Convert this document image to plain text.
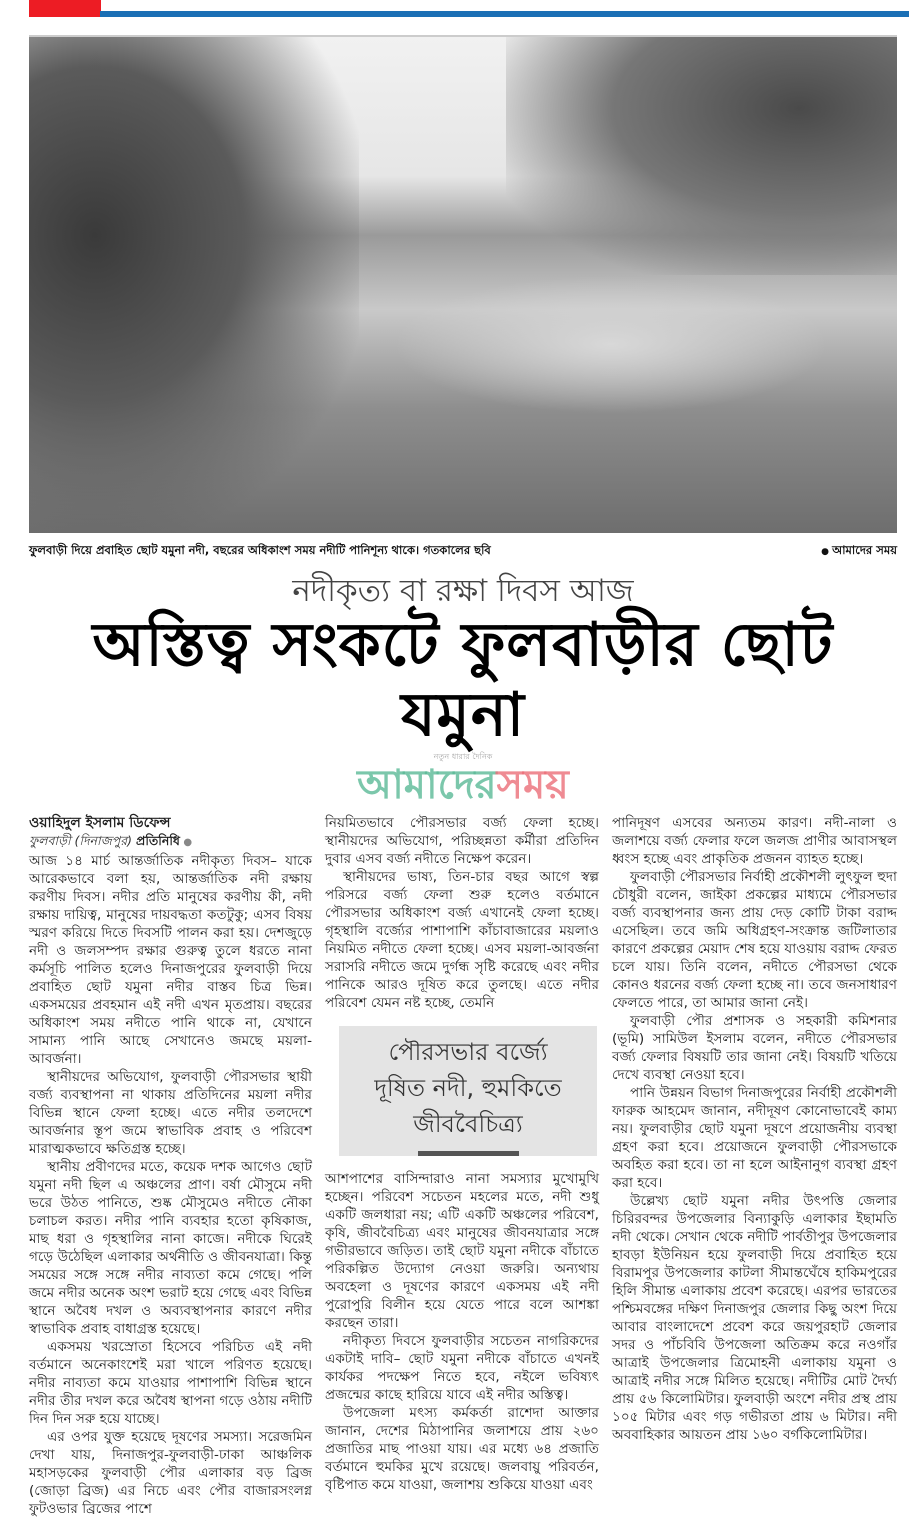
ফুলবাড়ী দিয়ে প্রবাহিত ছোট যমুনা নদী, বছরের অধিকাংশ সময় নদীটি পানিশূন্য থাকে। গতকালের ছবি	● আমাদের সময়
নদীকৃত্য বা রক্ষা দিবস আজ
অস্তিত্ব সংকটে ফুলবাড়ীর ছোট যমুনা
নতুন ধারার দৈনিক
আমাদেরসময়
ওয়াহিদুল ইসলাম ডিফেন্স
ফুলবাড়ী (দিনাজপুর) প্রতিনিধি ●

আজ ১৪ মার্চ আন্তর্জাতিক নদীকৃত্য দিবস– যাকে আরেকভাবে বলা হয়, আন্তর্জাতিক নদী রক্ষায় করণীয় দিবস। নদীর প্রতি মানুষের করণীয় কী, নদী রক্ষায় দায়িত্ব, মানুষের দায়বদ্ধতা কতটুকু; এসব বিষয় স্মরণ করিয়ে দিতে দিবসটি পালন করা হয়। দেশজুড়ে নদী ও জলসম্পদ রক্ষার গুরুত্ব তুলে ধরতে নানা কর্মসূচি পালিত হলেও দিনাজপুরের ফুলবাড়ী দিয়ে প্রবাহিত ছোট যমুনা নদীর বাস্তব চিত্র ভিন্ন। একসময়ের প্রবহমান এই নদী এখন মৃতপ্রায়। বছরের অধিকাংশ সময় নদীতে পানি থাকে না, যেখানে সামান্য পানি আছে সেখানেও জমছে ময়লা-আবর্জনা।

স্থানীয়দের অভিযোগ, ফুলবাড়ী পৌরসভার স্থায়ী বর্জ্য ব্যবস্থাপনা না থাকায় প্রতিদিনের ময়লা নদীর বিভিন্ন স্থানে ফেলা হচ্ছে। এতে নদীর তলদেশে আবর্জনার স্তূপ জমে স্বাভাবিক প্রবাহ ও পরিবেশ মারাত্মকভাবে ক্ষতিগ্রস্ত হচ্ছে।

স্থানীয় প্রবীণদের মতে, কয়েক দশক আগেও ছোট যমুনা নদী ছিল এ অঞ্চলের প্রাণ। বর্ষা মৌসুমে নদী ভরে উঠত পানিতে, শুষ্ক মৌসুমেও নদীতে নৌকা চলাচল করত। নদীর পানি ব্যবহার হতো কৃষিকাজ, মাছ ধরা ও গৃহস্থালির নানা কাজে। নদীকে ঘিরেই গড়ে উঠেছিল এলাকার অর্থনীতি ও জীবনযাত্রা। কিন্তু সময়ের সঙ্গে সঙ্গে নদীর নাব্যতা কমে গেছে। পলি জমে নদীর অনেক অংশ ভরাট হয়ে গেছে এবং বিভিন্ন স্থানে অবৈধ দখল ও অব্যবস্থাপনার কারণে নদীর স্বাভাবিক প্রবাহ বাধাগ্রস্ত হয়েছে।

একসময় খরস্রোতা হিসেবে পরিচিত এই নদী বর্তমানে অনেকাংশেই মরা খালে পরিণত হয়েছে। নদীর নাব্যতা কমে যাওয়ার পাশাপাশি বিভিন্ন স্থানে নদীর তীর দখল করে অবৈধ স্থাপনা গড়ে ওঠায় নদীটি দিন দিন সরু হয়ে যাচ্ছে।

এর ওপর যুক্ত হয়েছে দূষণের সমস্যা। সরেজমিন দেখা যায়, দিনাজপুর-ফুলবাড়ী-ঢাকা আঞ্চলিক মহাসড়কের ফুলবাড়ী পৌর এলাকার বড় ব্রিজ (জোড়া ব্রিজ) এর নিচে এবং পৌর বাজারসংলগ্ন ফুটওভার ব্রিজের পাশে

নিয়মিতভাবে পৌরসভার বর্জ্য ফেলা হচ্ছে। স্থানীয়দের অভিযোগ, পরিচ্ছন্নতা কর্মীরা প্রতিদিন দুবার এসব বর্জ্য নদীতে নিক্ষেপ করেন।

স্থানীয়দের ভাষ্য, তিন-চার বছর আগে স্বল্প পরিসরে বর্জ্য ফেলা শুরু হলেও বর্তমানে পৌরসভার অধিকাংশ বর্জ্য এখানেই ফেলা হচ্ছে। গৃহস্থালি বর্জ্যের পাশাপাশি কাঁচাবাজারের ময়লাও নিয়মিত নদীতে ফেলা হচ্ছে। এসব ময়লা-আবর্জনা সরাসরি নদীতে জমে দুর্গন্ধ সৃষ্টি করেছে এবং নদীর পানিকে আরও দূষিত করে তুলছে। এতে নদীর পরিবেশ যেমন নষ্ট হচ্ছে, তেমনি

পৌরসভার বর্জ্যে
দূষিত নদী, হুমকিতে
জীববৈচিত্র্য

আশপাশের বাসিন্দারাও নানা সমস্যার মুখোমুখি হচ্ছেন। পরিবেশ সচেতন মহলের মতে, নদী শুধু একটি জলধারা নয়; এটি একটি অঞ্চলের পরিবেশ, কৃষি, জীববৈচিত্র্য এবং মানুষের জীবনযাত্রার সঙ্গে গভীরভাবে জড়িত। তাই ছোট যমুনা নদীকে বাঁচাতে পরিকল্পিত উদ্যোগ নেওয়া জরুরি। অন্যথায় অবহেলা ও দূষণের কারণে একসময় এই নদী পুরোপুরি বিলীন হয়ে যেতে পারে বলে আশঙ্কা করছেন তারা।

নদীকৃত্য দিবসে ফুলবাড়ীর সচেতন নাগরিকদের একটাই দাবি– ছোট যমুনা নদীকে বাঁচাতে এখনই কার্যকর পদক্ষেপ নিতে হবে, নইলে ভবিষ্যৎ প্রজন্মের কাছে হারিয়ে যাবে এই নদীর অস্তিত্ব।

উপজেলা মৎস্য কর্মকর্তা রাশেদা আক্তার জানান, দেশের মিঠাপানির জলাশয়ে প্রায় ২৬০ প্রজাতির মাছ পাওয়া যায়। এর মধ্যে ৬৪ প্রজাতি বর্তমানে হুমকির মুখে রয়েছে। জলবায়ু পরিবর্তন, বৃষ্টিপাত কমে যাওয়া, জলাশয় শুকিয়ে যাওয়া এবং

পানিদূষণ এসবের অন্যতম কারণ। নদী-নালা ও জলাশয়ে বর্জ্য ফেলার ফলে জলজ প্রাণীর আবাসস্থল ধ্বংস হচ্ছে এবং প্রাকৃতিক প্রজনন ব্যাহত হচ্ছে।

ফুলবাড়ী পৌরসভার নির্বাহী প্রকৌশলী লুৎফুল হুদা চৌধুরী বলেন, জাইকা প্রকল্পের মাধ্যমে পৌরসভার বর্জ্য ব্যবস্থাপনার জন্য প্রায় দেড় কোটি টাকা বরাদ্দ এসেছিল। তবে জমি অধিগ্রহণ-সংক্রান্ত জটিলাতার কারণে প্রকল্পের মেয়াদ শেষ হয়ে যাওয়ায় বরাদ্দ ফেরত চলে যায়। তিনি বলেন, নদীতে পৌরসভা থেকে কোনও ধরনের বর্জ্য ফেলা হচ্ছে না। তবে জনসাধারণ ফেলতে পারে, তা আমার জানা নেই।

ফুলবাড়ী পৌর প্রশাসক ও সহকারী কমিশনার (ভূমি) সামিউল ইসলাম বলেন, নদীতে পৌরসভার বর্জ্য ফেলার বিষয়টি তার জানা নেই। বিষয়টি খতিয়ে দেখে ব্যবস্থা নেওয়া হবে।

পানি উন্নয়ন বিভাগ দিনাজপুরের নির্বাহী প্রকৌশলী ফারুক আহমেদ জানান, নদীদূষণ কোনোভাবেই কাম্য নয়। ফুলবাড়ীর ছোট যমুনা দূষণে প্রয়োজনীয় ব্যবস্থা গ্রহণ করা হবে। প্রয়োজনে ফুলবাড়ী পৌরসভাকে অবহিত করা হবে। তা না হলে আইনানুগ ব্যবস্থা গ্রহণ করা হবে।

উল্লেখ্য ছোট যমুনা নদীর উৎপত্তি জেলার চিরিরবন্দর উপজেলার বিন্যাকুড়ি এলাকার ইছামতি নদী থেকে। সেখান থেকে নদীটি পার্বতীপুর উপজেলার হাবড়া ইউনিয়ন হয়ে ফুলবাড়ী দিয়ে প্রবাহিত হয়ে বিরামপুর উপজেলার কাটলা সীমান্তঘেঁষে হাকিমপুরের হিলি সীমান্ত এলাকায় প্রবেশ করেছে। এরপর ভারতের পশ্চিমবঙ্গের দক্ষিণ দিনাজপুর জেলার কিছু অংশ দিয়ে আবার বাংলাদেশে প্রবেশ করে জয়পুরহাট জেলার সদর ও পাঁচবিবি উপজেলা অতিক্রম করে নওগাঁর আত্রাই উপজেলার ত্রিমোহনী এলাকায় যমুনা ও আত্রাই নদীর সঙ্গে মিলিত হয়েছে। নদীটির মোট দৈর্ঘ্য প্রায় ৫৬ কিলোমিটার। ফুলবাড়ী অংশে নদীর প্রস্থ প্রায় ১০৫ মিটার এবং গড় গভীরতা প্রায় ৬ মিটার। নদী অববাহিকার আয়তন প্রায় ১৬০ বর্গকিলোমিটার।
